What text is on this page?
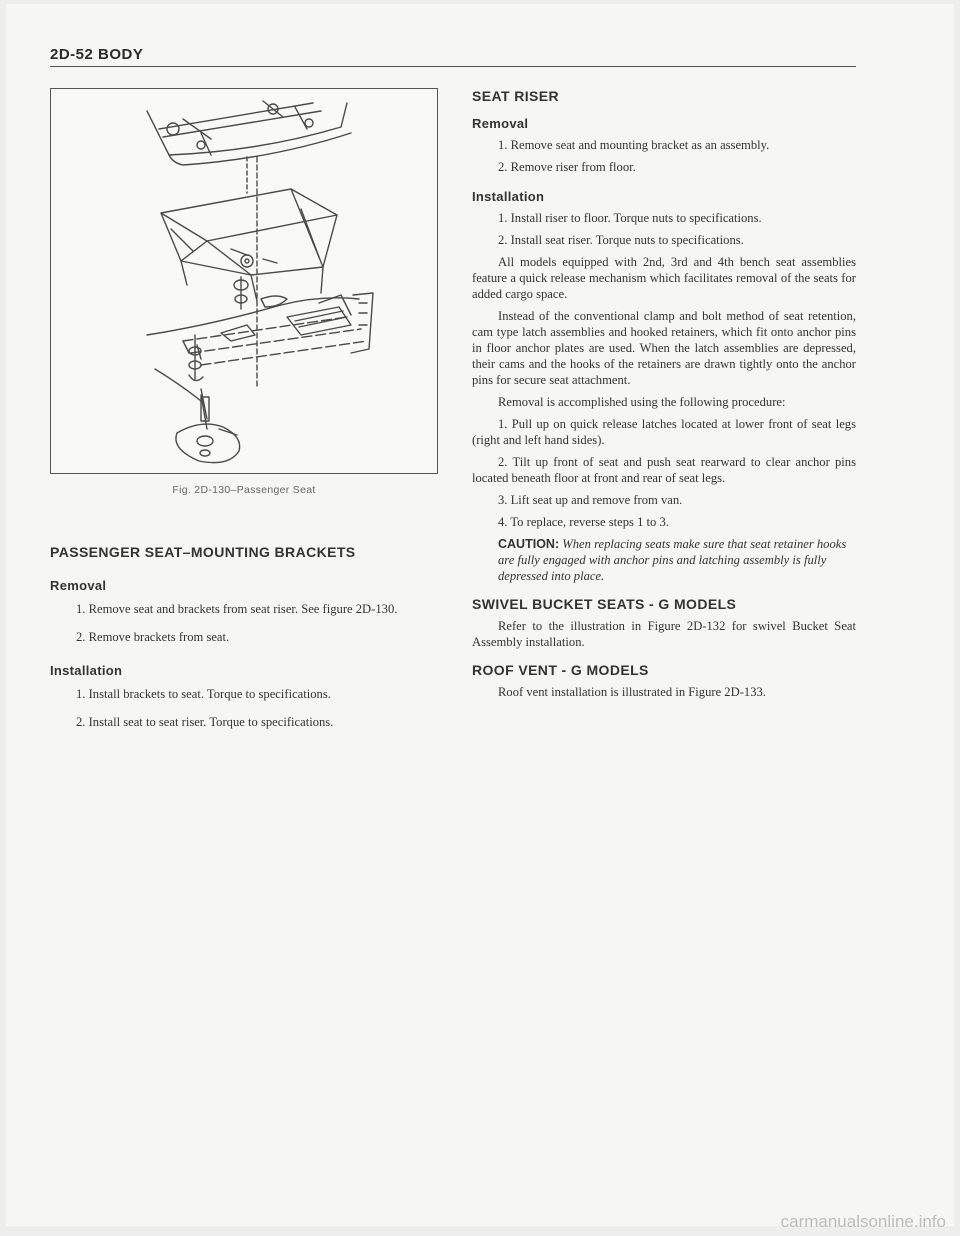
2D-52 BODY
Fig. 2D-130–Passenger Seat
PASSENGER SEAT–MOUNTING BRACKETS
Removal

1. Remove seat and brackets from seat riser. See figure 2D-130.

2. Remove brackets from seat.

Installation

1. Install brackets to seat. Torque to specifications.

2. Install seat to seat riser. Torque to specifications.

SEAT RISER
Removal

1. Remove seat and mounting bracket as an assembly.

2. Remove riser from floor.

Installation

1. Install riser to floor. Torque nuts to specifications.

2. Install seat riser. Torque nuts to specifications.

All models equipped with 2nd, 3rd and 4th bench seat assemblies feature a quick release mechanism which facilitates removal of the seats for added cargo space.

Instead of the conventional clamp and bolt method of seat retention, cam type latch assemblies and hooked retainers, which fit onto anchor pins in floor anchor plates are used. When the latch assemblies are depressed, their cams and the hooks of the retainers are drawn tightly onto the anchor pins for secure seat attachment.

Removal is accomplished using the following procedure:

1. Pull up on quick release latches located at lower front of seat legs (right and left hand sides).

2. Tilt up front of seat and push seat rearward to clear anchor pins located beneath floor at front and rear of seat legs.

3. Lift seat up and remove from van.

4. To replace, reverse steps 1 to 3.

CAUTION: When replacing seats make sure that seat retainer hooks are fully engaged with anchor pins and latching assembly is fully depressed into place.

SWIVEL BUCKET SEATS - G MODELS

Refer to the illustration in Figure 2D-132 for swivel Bucket Seat Assembly installation.

ROOF VENT - G MODELS

Roof vent installation is illustrated in Figure 2D-133.

carmanualsonline.info
